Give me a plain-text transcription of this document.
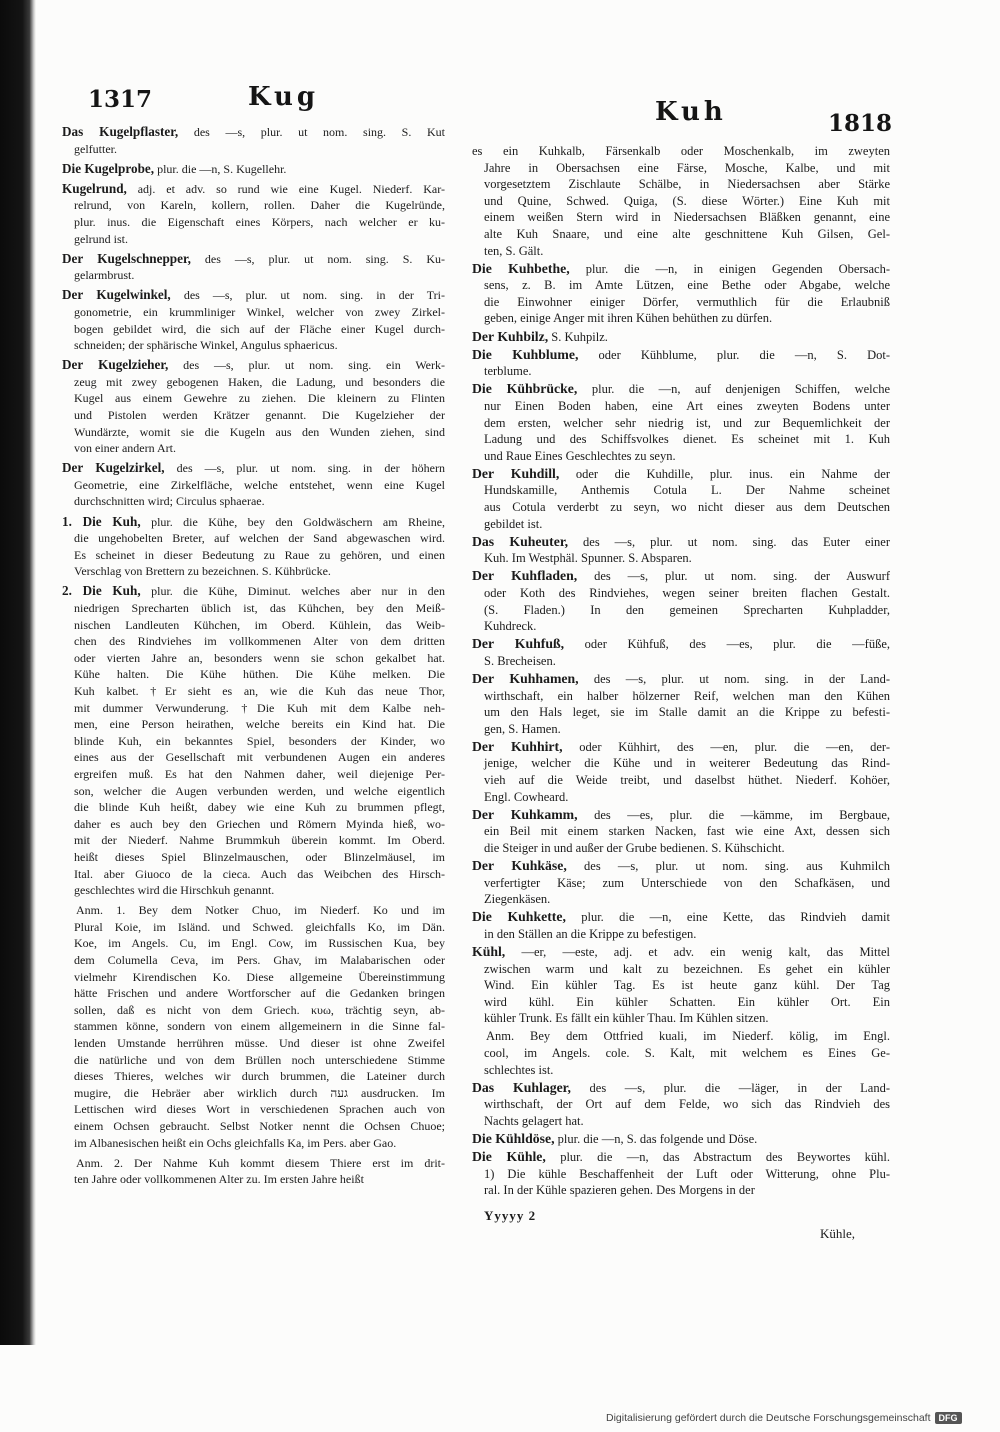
1317	Kug	Kuh	1818
Das Kugelpflaster, des —s, plur. ut nom. sing. S. Kut
gelfutter.
Die Kugelprobe, plur. die —n, S. Kugellehr.
Kugelrund, adj. et adv. so rund wie eine Kugel. Niederf. Kar-
relrund, von Kareln, kollern, rollen. Daher die Kugelründe,
plur. inus. die Eigenschaft eines Körpers, nach welcher er ku-
gelrund ist.
Der Kugelschnepper, des —s, plur. ut nom. sing. S. Ku-
gelarmbrust.
Der Kugelwinkel, des —s, plur. ut nom. sing. in der Tri-
gonometrie, ein krummliniger Winkel, welcher von zwey Zirkel-
bogen gebildet wird, die sich auf der Fläche einer Kugel durch-
schneiden; der sphärische Winkel, Angulus sphaericus.
Der Kugelzieher, des —s, plur. ut nom. sing. ein Werk-
zeug mit zwey gebogenen Haken, die Ladung, und besonders die
Kugel aus einem Gewehre zu ziehen. Die kleinern zu Flinten
und Pistolen werden Krätzer genannt. Die Kugelzieher der
Wundärzte, womit sie die Kugeln aus den Wunden ziehen, sind
von einer andern Art.
Der Kugelzirkel, des —s, plur. ut nom. sing. in der höhern
Geometrie, eine Zirkelfläche, welche entstehet, wenn eine Kugel
durchschnitten wird; Circulus sphaerae.
1. Die Kuh, plur. die Kühe, bey den Goldwäschern am Rheine,
die ungehobelten Breter, auf welchen der Sand abgewaschen wird.
Es scheinet in dieser Bedeutung zu Raue zu gehören, und einen
Verschlag von Brettern zu bezeichnen. S. Kühbrücke.
2. Die Kuh, plur. die Kühe, Diminut. welches aber nur in den
niedrigen Sprecharten üblich ist, das Kühchen, bey den Meiß-
nischen Landleuten Kühchen, im Oberd. Kühlein, das Weib-
chen des Rindviehes im vollkommenen Alter von dem dritten
oder vierten Jahre an, besonders wenn sie schon gekalbet hat.
Kühe halten. Die Kühe hüthen. Die Kühe melken. Die
Kuh kalbet. †Er sieht es an, wie die Kuh das neue Thor,
mit dummer Verwunderung. †Die Kuh mit dem Kalbe neh-
men, eine Person heirathen, welche bereits ein Kind hat. Die
blinde Kuh, ein bekanntes Spiel, besonders der Kinder, wo
eines aus der Gesellschaft mit verbundenen Augen ein anderes
ergreifen muß. Es hat den Nahmen daher, weil diejenige Per-
son, welcher die Augen verbunden werden, und welche eigentlich
die blinde Kuh heißt, dabey wie eine Kuh zu brummen pflegt,
daher es auch bey den Griechen und Römern Myinda hieß, wo-
mit der Niederf. Nahme Brummkuh überein kommt. Im Oberd.
heißt dieses Spiel Blinzelmauschen, oder Blinzelmäusel, im
Ital. aber Giuoco de la cieca. Auch das Weibchen des Hirsch-
geschlechtes wird die Hirschkuh genannt.
Anm. 1. Bey dem Notker Chuo, im Niederf. Ko und im
Plural Koie, im Isländ. und Schwed. gleichfalls Ko, im Dän.
Koe, im Angels. Cu, im Engl. Cow, im Russischen Kua, bey
dem Columella Ceva, im Pers. Ghav, im Malabarischen oder
vielmehr Kirendischen Ko. Diese allgemeine Übereinstimmung
hätte Frischen und andere Wortforscher auf die Gedanken bringen
sollen, daß es nicht von dem Griech. κυω, trächtig seyn, ab-
stammen könne, sondern von einem allgemeinern in die Sinne fal-
lenden Umstande herrühren müsse. Und dieser ist ohne Zweifel
die natürliche und von dem Brüllen noch unterschiedene Stimme
dieses Thieres, welches wir durch brummen, die Lateiner durch
mugire, die Hebräer aber wirklich durch געה ausdrucken. Im
Lettischen wird dieses Wort in verschiedenen Sprachen auch von
einem Ochsen gebraucht. Selbst Notker nennt die Ochsen Chuoe;
im Albanesischen heißt ein Ochs gleichfalls Ka, im Pers. aber Gao.
Anm. 2. Der Nahme Kuh kommt diesem Thiere erst im drit-
ten Jahre oder vollkommenen Alter zu. Im ersten Jahre heißt
es ein Kuhkalb, Färsenkalb oder Moschenkalb, im zweyten
Jahre in Obersachsen eine Färse, Mosche, Kalbe, und mit
vorgesetztem Zischlaute Schälbe, in Niedersachsen aber Stärke
und Quine, Schwed. Quiga, (S. diese Wörter.) Eine Kuh mit
einem weißen Stern wird in Niedersachsen Bläßken genannt, eine
alte Kuh Snaare, und eine alte geschnittene Kuh Gilsen, Gel-
ten, S. Gält.
Die Kuhbethe, plur. die —n, in einigen Gegenden Obersach-
sens, z. B. im Amte Lützen, eine Bethe oder Abgabe, welche
die Einwohner einiger Dörfer, vermuthlich für die Erlaubniß
geben, einige Anger mit ihren Kühen behüthen zu dürfen.
Der Kuhbilz, S. Kuhpilz.
Die Kuhblume, oder Kühblume, plur. die —n, S. Dot-
terblume.
Die Kühbrücke, plur. die —n, auf denjenigen Schiffen, welche
nur Einen Boden haben, eine Art eines zweyten Bodens unter
dem ersten, welcher sehr niedrig ist, und zur Bequemlichkeit der
Ladung und des Schiffsvolkes dienet. Es scheinet mit 1. Kuh
und Raue Eines Geschlechtes zu seyn.
Der Kuhdill, oder die Kuhdille, plur. inus. ein Nahme der
Hundskamille, Anthemis Cotula L. Der Nahme scheinet
aus Cotula verderbt zu seyn, wo nicht dieser aus dem Deutschen
gebildet ist.
Das Kuheuter, des —s, plur. ut nom. sing. das Euter einer
Kuh. Im Westphäl. Spunner. S. Absparen.
Der Kuhfladen, des —s, plur. ut nom. sing. der Auswurf
oder Koth des Rindviehes, wegen seiner breiten flachen Gestalt.
(S. Fladen.) In den gemeinen Sprecharten Kuhpladder,
Kuhdreck.
Der Kuhfuß, oder Kühfuß, des —es, plur. die —füße,
S. Brecheisen.
Der Kuhhamen, des —s, plur. ut nom. sing. in der Land-
wirthschaft, ein halber hölzerner Reif, welchen man den Kühen
um den Hals leget, sie im Stalle damit an die Krippe zu befesti-
gen, S. Hamen.
Der Kuhhirt, oder Kühhirt, des —en, plur. die —en, der-
jenige, welcher die Kühe und in weiterer Bedeutung das Rind-
vieh auf die Weide treibt, und daselbst hüthet. Niederf. Kohöer,
Engl. Cowheard.
Der Kuhkamm, des —es, plur. die —kämme, im Bergbaue,
ein Beil mit einem starken Nacken, fast wie eine Axt, dessen sich
die Steiger in und außer der Grube bedienen. S. Kühschicht.
Der Kuhkäse, des —s, plur. ut nom. sing. aus Kuhmilch
verfertigter Käse; zum Unterschiede von den Schafkäsen, und
Ziegenkäsen.
Die Kuhkette, plur. die —n, eine Kette, das Rindvieh damit
in den Ställen an die Krippe zu befestigen.
Kühl, —er, —este, adj. et adv. ein wenig kalt, das Mittel
zwischen warm und kalt zu bezeichnen. Es gehet ein kühler
Wind. Ein kühler Tag. Es ist heute ganz kühl. Der Tag
wird kühl. Ein kühler Schatten. Ein kühler Ort. Ein
kühler Trunk. Es fällt ein kühler Thau. Im Kühlen sitzen.
Anm. Bey dem Ottfried kuali, im Niederf. kölig, im Engl.
cool, im Angels. cole. S. Kalt, mit welchem es Eines Ge-
schlechtes ist.
Das Kuhlager, des —s, plur. die —läger, in der Land-
wirthschaft, der Ort auf dem Felde, wo sich das Rindvieh des
Nachts gelagert hat.
Die Kühldöse, plur. die —n, S. das folgende und Döse.
Die Kühle, plur. die —n, das Abstractum des Beywortes kühl.
1) Die kühle Beschaffenheit der Luft oder Witterung, ohne Plu-
ral. In der Kühle spazieren gehen. Des Morgens in der
Yyyyy 2
Kühle,
Digitalisierung gefördert durch die Deutsche Forschungsgemeinschaft DFG
